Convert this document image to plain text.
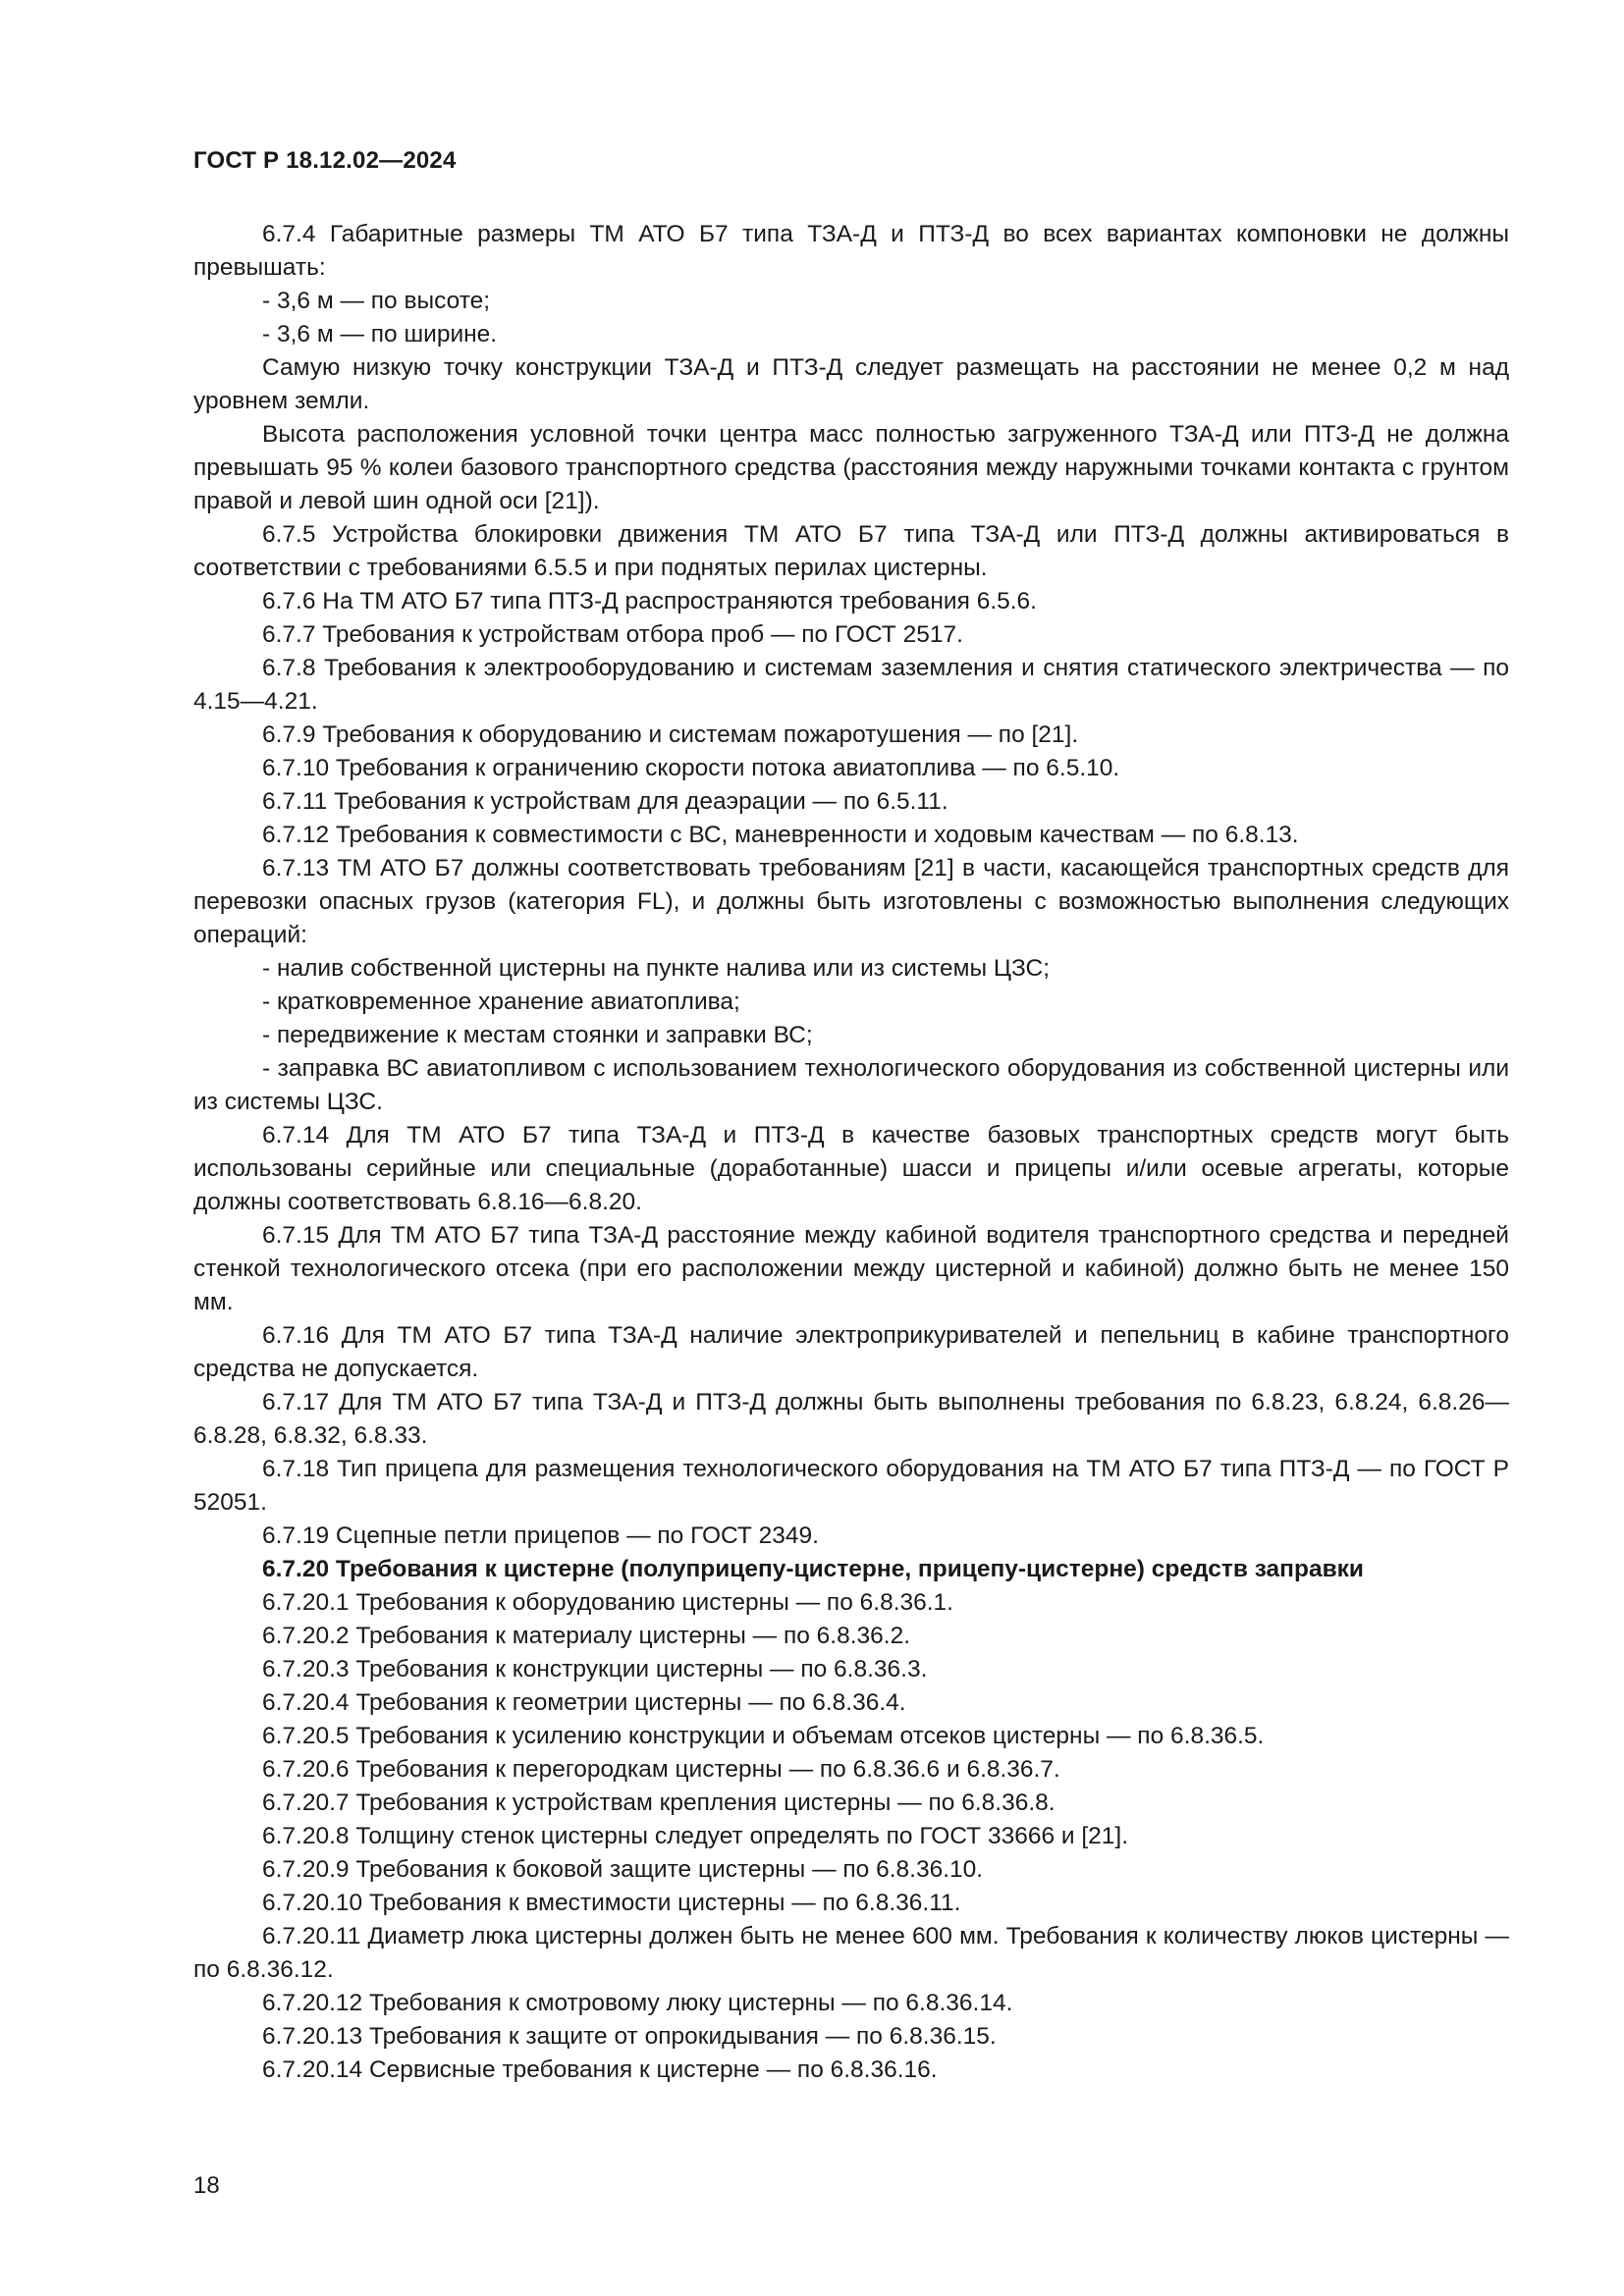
ГОСТ Р 18.12.02—2024

6.7.4 Габаритные размеры ТМ АТО Б7 типа ТЗА-Д и ПТЗ-Д во всех вариантах компоновки не должны превышать:

- 3,6 м — по высоте;

- 3,6 м — по ширине.

Самую низкую точку конструкции ТЗА-Д и ПТЗ-Д следует размещать на расстоянии не менее 0,2 м над уровнем земли.

Высота расположения условной точки центра масс полностью загруженного ТЗА-Д или ПТЗ-Д не должна превышать 95 % колеи базового транспортного средства (расстояния между наружными точками контакта с грунтом правой и левой шин одной оси [21]).

6.7.5 Устройства блокировки движения ТМ АТО Б7 типа ТЗА-Д или ПТЗ-Д должны активироваться в соответствии с требованиями 6.5.5 и при поднятых перилах цистерны.

6.7.6 На ТМ АТО Б7 типа ПТЗ-Д распространяются требования 6.5.6.

6.7.7 Требования к устройствам отбора проб — по ГОСТ 2517.

6.7.8 Требования к электрооборудованию и системам заземления и снятия статического электричества — по 4.15—4.21.

6.7.9 Требования к оборудованию и системам пожаротушения — по [21].

6.7.10 Требования к ограничению скорости потока авиатоплива — по 6.5.10.

6.7.11 Требования к устройствам для деаэрации — по 6.5.11.

6.7.12 Требования к совместимости с ВС, маневренности и ходовым качествам — по 6.8.13.

6.7.13 ТМ АТО Б7 должны соответствовать требованиям [21] в части, касающейся транспортных средств для перевозки опасных грузов (категория FL), и должны быть изготовлены с возможностью выполнения следующих операций:

- налив собственной цистерны на пункте налива или из системы ЦЗС;

- кратковременное хранение авиатоплива;

- передвижение к местам стоянки и заправки ВС;

- заправка ВС авиатопливом с использованием технологического оборудования из собственной цистерны или из системы ЦЗС.

6.7.14 Для ТМ АТО Б7 типа ТЗА-Д и ПТЗ-Д в качестве базовых транспортных средств могут быть использованы серийные или специальные (доработанные) шасси и прицепы и/или осевые агрегаты, которые должны соответствовать 6.8.16—6.8.20.

6.7.15 Для ТМ АТО Б7 типа ТЗА-Д расстояние между кабиной водителя транспортного средства и передней стенкой технологического отсека (при его расположении между цистерной и кабиной) должно быть не менее 150 мм.

6.7.16 Для ТМ АТО Б7 типа ТЗА-Д наличие электроприкуривателей и пепельниц в кабине транспортного средства не допускается.

6.7.17 Для ТМ АТО Б7 типа ТЗА-Д и ПТЗ-Д должны быть выполнены требования по 6.8.23, 6.8.24, 6.8.26—6.8.28, 6.8.32, 6.8.33.

6.7.18 Тип прицепа для размещения технологического оборудования на ТМ АТО Б7 типа ПТЗ-Д — по ГОСТ Р 52051.

6.7.19 Сцепные петли прицепов — по ГОСТ 2349.

6.7.20 Требования к цистерне (полуприцепу-цистерне, прицепу-цистерне) средств заправки

6.7.20.1 Требования к оборудованию цистерны — по 6.8.36.1.

6.7.20.2 Требования к материалу цистерны — по 6.8.36.2.

6.7.20.3 Требования к конструкции цистерны — по 6.8.36.3.

6.7.20.4 Требования к геометрии цистерны — по 6.8.36.4.

6.7.20.5 Требования к усилению конструкции и объемам отсеков цистерны — по 6.8.36.5.

6.7.20.6 Требования к перегородкам цистерны — по 6.8.36.6 и 6.8.36.7.

6.7.20.7 Требования к устройствам крепления цистерны — по 6.8.36.8.

6.7.20.8 Толщину стенок цистерны следует определять по ГОСТ 33666 и [21].

6.7.20.9 Требования к боковой защите цистерны — по 6.8.36.10.

6.7.20.10 Требования к вместимости цистерны — по 6.8.36.11.

6.7.20.11 Диаметр люка цистерны должен быть не менее 600 мм. Требования к количеству люков цистерны — по 6.8.36.12.

6.7.20.12 Требования к смотровому люку цистерны — по 6.8.36.14.

6.7.20.13 Требования к защите от опрокидывания — по 6.8.36.15.

6.7.20.14 Сервисные требования к цистерне — по 6.8.36.16.

18
